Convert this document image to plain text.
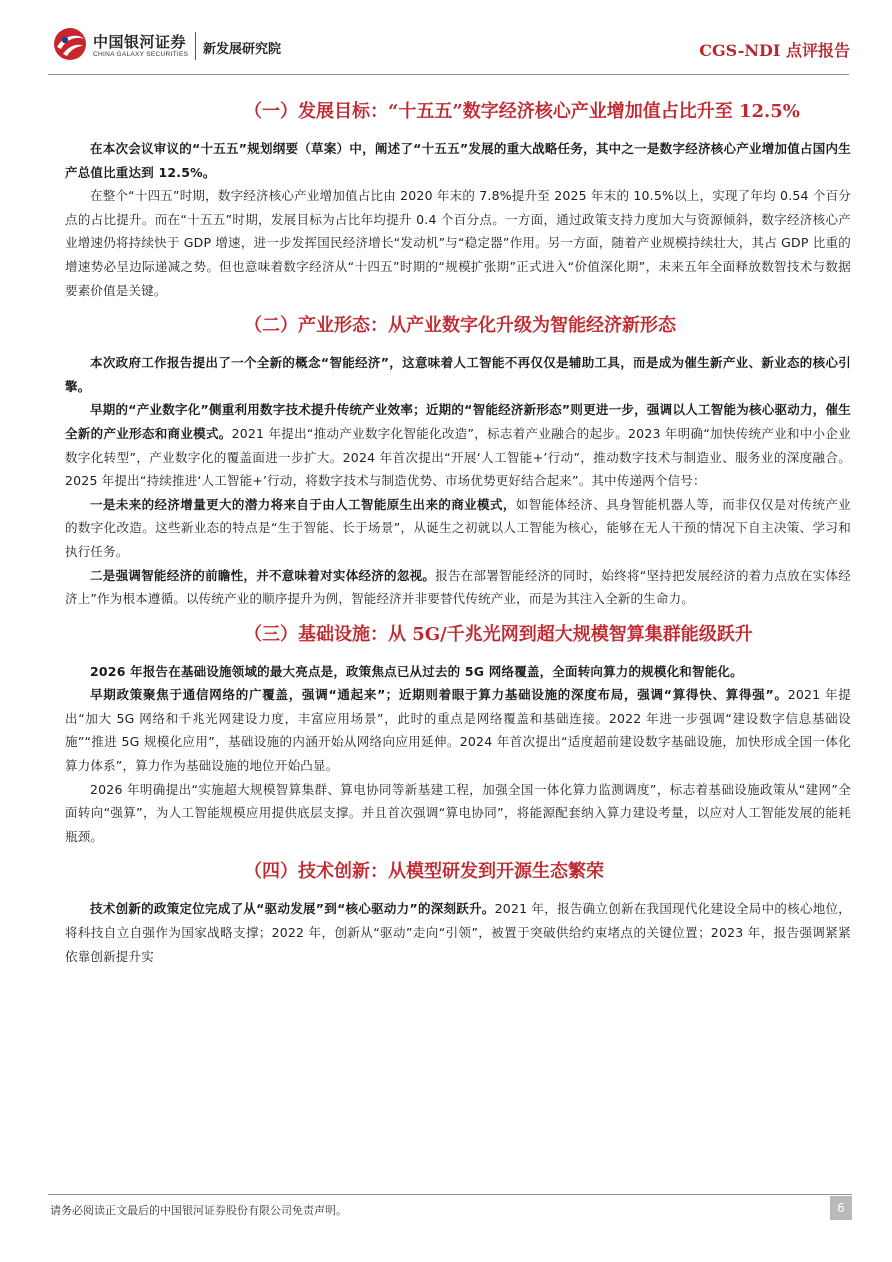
中国银河证券
CHINA GALAXY SECURITIES 新发展研究院	CGS-NDI 点评报告
（一）发展目标：“十五五”数字经济核心产业增加值占比升至 12.5%

在本次会议审议的“十五五”规划纲要（草案）中，阐述了“十五五”发展的重大战略任务，其中之一是数字经济核心产业增加值占国内生产总值比重达到 12.5%。

在整个“十四五”时期，数字经济核心产业增加值占比由 2020 年末的 7.8%提升至 2025 年末的 10.5%以上，实现了年均 0.54 个百分点的占比提升。而在“十五五”时期，发展目标为占比年均提升 0.4 个百分点。一方面，通过政策支持力度加大与资源倾斜，数字经济核心产业增速仍将持续快于 GDP 增速，进一步发挥国民经济增长“发动机”与“稳定器”作用。另一方面，随着产业规模持续壮大，其占 GDP 比重的增速势必呈边际递减之势。但也意味着数字经济从“十四五”时期的“规模扩张期”正式进入“价值深化期”，未来五年全面释放数智技术与数据要素价值是关键。

（二）产业形态：从产业数字化升级为智能经济新形态

本次政府工作报告提出了一个全新的概念“智能经济”，这意味着人工智能不再仅仅是辅助工具，而是成为催生新产业、新业态的核心引擎。

早期的“产业数字化”侧重利用数字技术提升传统产业效率；近期的“智能经济新形态”则更进一步，强调以人工智能为核心驱动力，催生全新的产业形态和商业模式。2021 年提出“推动产业数字化智能化改造”，标志着产业融合的起步。2023 年明确“加快传统产业和中小企业数字化转型”，产业数字化的覆盖面进一步扩大。2024 年首次提出“开展‘人工智能+’行动”，推动数字技术与制造业、服务业的深度融合。2025 年提出“持续推进‘人工智能+’行动，将数字技术与制造优势、市场优势更好结合起来”。其中传递两个信号：

一是未来的经济增量更大的潜力将来自于由人工智能原生出来的商业模式，如智能体经济、具身智能机器人等，而非仅仅是对传统产业的数字化改造。这些新业态的特点是“生于智能、长于场景”，从诞生之初就以人工智能为核心，能够在无人干预的情况下自主决策、学习和执行任务。

二是强调智能经济的前瞻性，并不意味着对实体经济的忽视。报告在部署智能经济的同时，始终将“坚持把发展经济的着力点放在实体经济上”作为根本遵循。以传统产业的顺序提升为例，智能经济并非要替代传统产业，而是为其注入全新的生命力。

（三）基础设施：从 5G/千兆光网到超大规模智算集群能级跃升

2026 年报告在基础设施领域的最大亮点是，政策焦点已从过去的 5G 网络覆盖，全面转向算力的规模化和智能化。

早期政策聚焦于通信网络的广覆盖，强调“通起来”；近期则着眼于算力基础设施的深度布局，强调“算得快、算得强”。2021 年提出“加大 5G 网络和千兆光网建设力度，丰富应用场景”，此时的重点是网络覆盖和基础连接。2022 年进一步强调“建设数字信息基础设施”“推进 5G 规模化应用”，基础设施的内涵开始从网络向应用延伸。2024 年首次提出“适度超前建设数字基础设施，加快形成全国一体化算力体系”，算力作为基础设施的地位开始凸显。

2026 年明确提出“实施超大规模智算集群、算电协同等新基建工程，加强全国一体化算力监测调度”，标志着基础设施政策从“建网”全面转向“强算”，为人工智能规模应用提供底层支撑。并且首次强调“算电协同”，将能源配套纳入算力建设考量，以应对人工智能发展的能耗瓶颈。

（四）技术创新：从模型研发到开源生态繁荣

技术创新的政策定位完成了从“驱动发展”到“核心驱动力”的深刻跃升。2021 年，报告确立创新在我国现代化建设全局中的核心地位，将科技自立自强作为国家战略支撑；2022 年，创新从“驱动”走向“引领”，被置于突破供给约束堵点的关键位置；2023 年，报告强调紧紧依靠创新提升实

请务必阅读正文最后的中国银河证券股份有限公司免责声明。	6
